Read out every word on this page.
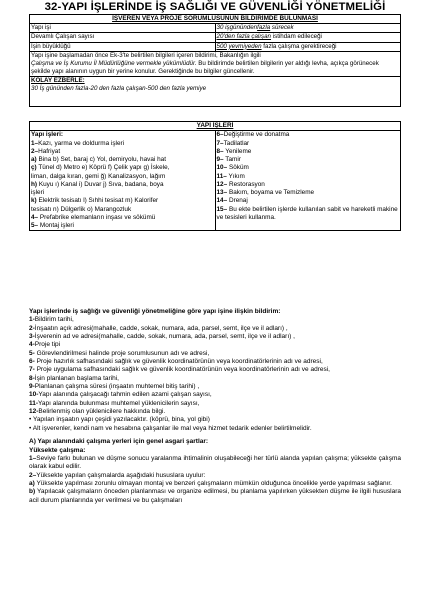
32-YAPI İŞLERİNDE İŞ SAĞLIĞI VE GÜVENLİĞİ YÖNETMELİĞİ
İŞVEREN VEYA PROJE SORUMLUSUNUN BİLDİRİMDE BULUNMASI	
Yapı işi	30 işgünündenfazla sürecek
Devamlı Çalışan sayısı	20'den fazla çalışan istihdam edileceği
İşin büyüklüğü	500 yevmiyeden fazla çalışma gerektireceği

Yapı işine başlamadan önce Ek-3'te belirtilen bilgileri içeren bildirimi, Bakanlığın ilgili
Çalışma ve İş Kurumu İl Müdürlüğüne vermekle yükümlüdür. Bu bildirimde belirtilen bilgilerin yer aldığı levha, açıkça görünecek şekilde yapı alanının uygun bir yerine konulur. Gerektiğinde bu bilgiler güncellenir.	

KOLAY EZBERLE:
30 İş gününden fazla-20 den fazla çalışan-500 den fazla yemiye	
YAPI İŞLERİ

Yapı işleri:
1–Kazı, yarma ve doldurma işleri
2–Hafriyat
a) Bina b) Set, baraj c) Yol, demiryolu, havai hat
ç) Tünel d) Metro e) Köprü f) Çelik yapı g) İskele,
liman, dalga kıran, gemi ğ) Kanalizasyon, lağım
h) Kuyu ı) Kanal i) Duvar j) Sıva, badana, boya
işleri
k) Elektrik tesisatı l) Sıhhi tesisat m) Kalorifer
tesisatı n) Dülgerlik o) Marangozluk
4– Prefabrike elemanların inşası ve sökümü
5– Montaj işleri

6–Değiştirme ve donatma
7–Tadilatlar
8– Yenileme
9– Tamir
10– Söküm
11– Yıkım
12– Restorasyon
13– Bakım, boyama ve Temizleme
14– Drenaj
15– Bu ekte belirtilen işlerde kullanılan sabit ve hareketli makine ve tesisleri kullanma.

Yapı işlerinde iş sağlığı ve güvenliği yönetmeliğine göre yapı işine ilişkin bildirim:

1-Bildirim tarihi,
2-İnşaatın açık adresi(mahalle, cadde, sokak, numara, ada, parsel, semt, ilçe ve il adları) ,
3-İşverenin ad ve adresi(mahalle, cadde, sokak, numara, ada, parsel, semt, ilçe ve il adları) ,
4-Proje tipi
5- Görevlendirilmesi halinde proje sorumlusunun adı ve adresi,
6- Proje hazırlık safhasındaki sağlık ve güvenlik koordinatörünün veya koordinatörlerinin adı ve adresi,
7- Proje uygulama safhasındaki sağlık ve güvenlik koordinatörünün veya koordinatörlerinin adı ve adresi,
8-İşin planlanan başlama tarihi,
9-Planlanan çalışma süresi (inşaatın muhtemel bitiş tarihi) ,
10-Yapı alanında çalışacağı tahmin edilen azami çalışan sayısı,
11-Yapı alanında bulunması muhtemel yüklenicilerin sayısı,
12-Belirlenmiş olan yüklenicilere hakkında bilgi.
• Yapılan inşaatın yapı çeşidi yazılacaktır. (köprü, bina, yol gibi)
• Alt işverenler, kendi nam ve hesabına çalışanlar ile mal veya hizmet tedarik edenler belirtilmelidir.

A) Yapı alanındaki çalışma yerleri için genel asgari şartlar:

Yüksekte çalışma:

1–Seviye farkı bulunan ve düşme sonucu yaralanma ihtimalinin oluşabileceği her türlü alanda yapılan çalışma; yüksekte çalışma olarak kabul edilir.

2–Yüksekte yapılan çalışmalarda aşağıdaki hususlara uyulur:

a) Yüksekte yapılması zorunlu olmayan montaj ve benzeri çalışmaların mümkün olduğunca öncelikle yerde yapılması sağlanır.

b) Yapılacak çalışmaların önceden planlanması ve organize edilmesi, bu planlama yapılırken yüksekten düşme ile ilgili hususlara acil durum planlarında yer verilmesi ve bu çalışmaları
